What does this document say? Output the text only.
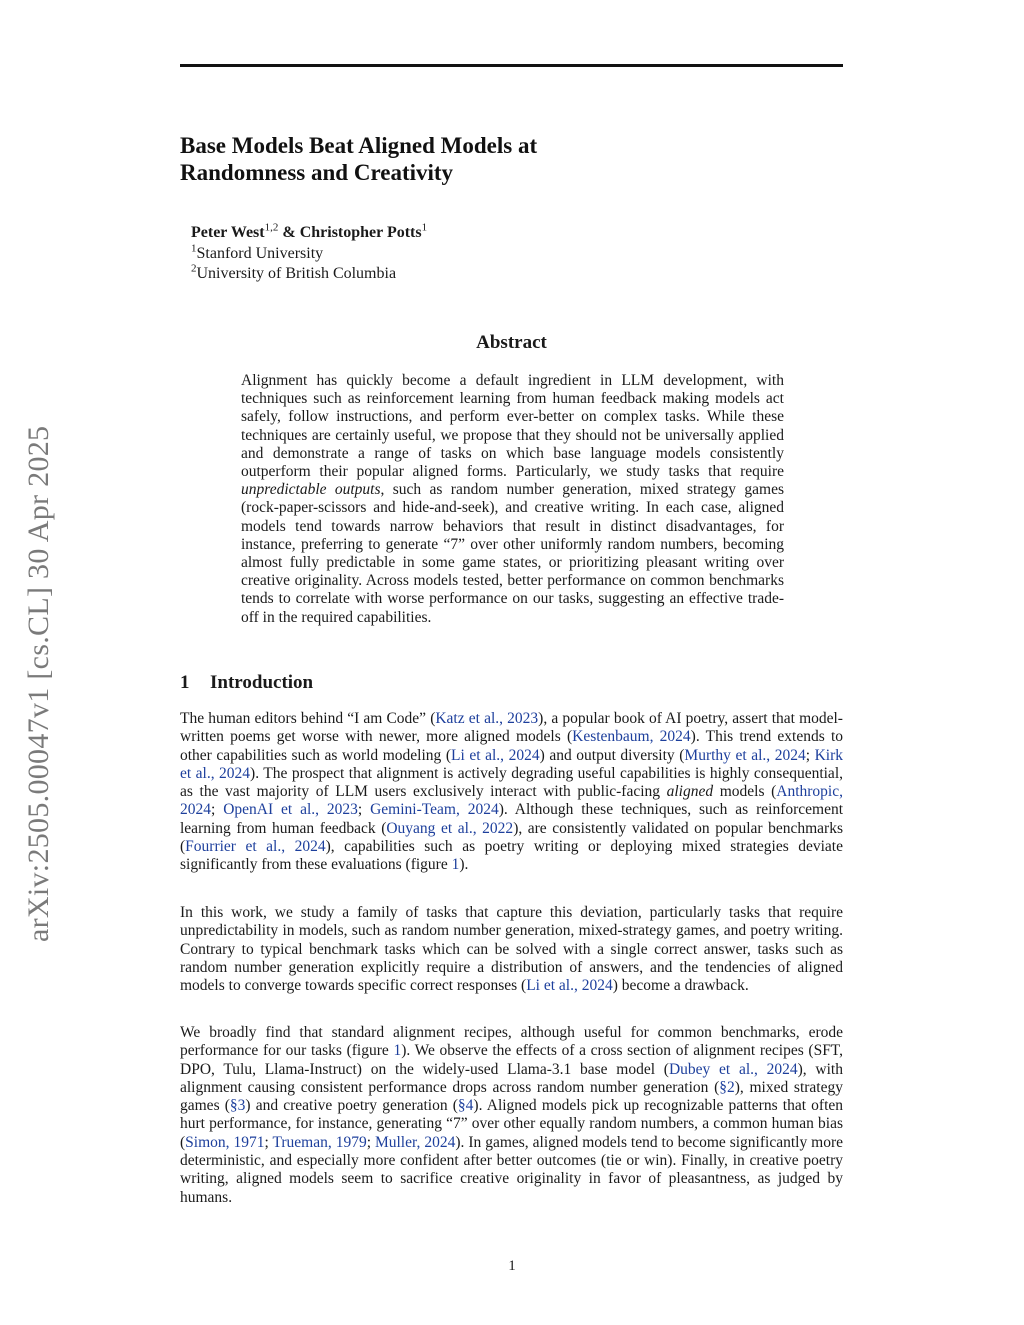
arXiv:2505.00047v1 [cs.CL] 30 Apr 2025
Base Models Beat Aligned Models at
Randomness and Creativity
Peter West$^{1,2}$ & Christopher Potts$^1$
$^1$Stanford University
$^2$University of British Columbia
Abstract

Alignment has quickly become a default ingredient in LLM development, with techniques such as reinforcement learning from human feedback making models act safely, follow instructions, and perform ever-better on complex tasks. While these techniques are certainly useful, we propose that they should not be universally applied and demonstrate a range of tasks on which base language models consistently outperform their popular aligned forms. Particularly, we study tasks that require unpredictable outputs, such as random number generation, mixed strategy games (rock-paper-scissors and hide-and-seek), and creative writing. In each case, aligned models tend towards narrow behaviors that result in distinct disadvantages, for instance, preferring to generate “7” over other uniformly random numbers, becoming almost fully predictable in some game states, or prioritizing pleasant writing over creative originality. Across models tested, better performance on common benchmarks tends to correlate with worse performance on our tasks, suggesting an effective trade-off in the required capabilities.

1 Introduction

The human editors behind “I am Code” (Katz et al., 2023), a popular book of AI poetry, assert that model-written poems get worse with newer, more aligned models (Kestenbaum, 2024). This trend extends to other capabilities such as world modeling (Li et al., 2024) and output diversity (Murthy et al., 2024; Kirk et al., 2024). The prospect that alignment is actively degrading useful capabilities is highly consequential, as the vast majority of LLM users exclusively interact with public-facing aligned models (Anthropic, 2024; OpenAI et al., 2023; Gemini-Team, 2024). Although these techniques, such as reinforcement learning from human feedback (Ouyang et al., 2022), are consistently validated on popular benchmarks (Fourrier et al., 2024), capabilities such as poetry writing or deploying mixed strategies deviate significantly from these evaluations (figure 1).

In this work, we study a family of tasks that capture this deviation, particularly tasks that require unpredictability in models, such as random number generation, mixed-strategy games, and poetry writing. Contrary to typical benchmark tasks which can be solved with a single correct answer, tasks such as random number generation explicitly require a distribution of answers, and the tendencies of aligned models to converge towards specific correct responses (Li et al., 2024) become a drawback.

We broadly find that standard alignment recipes, although useful for common benchmarks, erode performance for our tasks (figure 1). We observe the effects of a cross section of alignment recipes (SFT, DPO, Tulu, Llama-Instruct) on the widely-used Llama-3.1 base model (Dubey et al., 2024), with alignment causing consistent performance drops across random number generation (§2), mixed strategy games (§3) and creative poetry generation (§4). Aligned models pick up recognizable patterns that often hurt performance, for instance, generating “7” over other equally random numbers, a common human bias (Simon, 1971; Trueman, 1979; Muller, 2024). In games, aligned models tend to become significantly more deterministic, and especially more confident after better outcomes (tie or win). Finally, in creative poetry writing, aligned models seem to sacrifice creative originality in favor of pleasantness, as judged by humans.

1
